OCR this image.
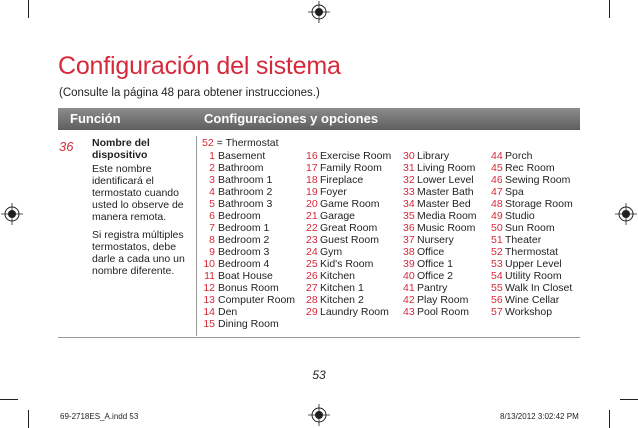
Configuración del sistema
(Consulte la página 48 para obtener instrucciones.)
Función	Configuraciones y opciones
36 Nombre del dispositivo
Este nombre identificará el termostato cuando usted lo observe de manera remota.
Si registra múltiples termostatos, debe darle a cada uno un nombre diferente.
52 = Thermostat
1 Basement
2 Bathroom
3 Bathroom 1
4 Bathroom 2
5 Bathroom 3
6 Bedroom
7 Bedroom 1
8 Bedroom 2
9 Bedroom 3
10 Bedroom 4
11 Boat House
12 Bonus Room
13 Computer Room
14 Den
15 Dining Room
16 Exercise Room
17 Family Room
18 Fireplace
19 Foyer
20 Game Room
21 Garage
22 Great Room
23 Guest Room
24 Gym
25 Kid's Room
26 Kitchen
27 Kitchen 1
28 Kitchen 2
29 Laundry Room
30 Library
31 Living Room
32 Lower Level
33 Master Bath
34 Master Bed
35 Media Room
36 Music Room
37 Nursery
38 Office
39 Office 1
40 Office 2
41 Pantry
42 Play Room
43 Pool Room
44 Porch
45 Rec Room
46 Sewing Room
47 Spa
48 Storage Room
49 Studio
50 Sun Room
51 Theater
52 Thermostat
53 Upper Level
54 Utility Room
55 Walk In Closet
56 Wine Cellar
57 Workshop
53
69-2718ES_A.indd 53	8/13/2012 3:02:42 PM
